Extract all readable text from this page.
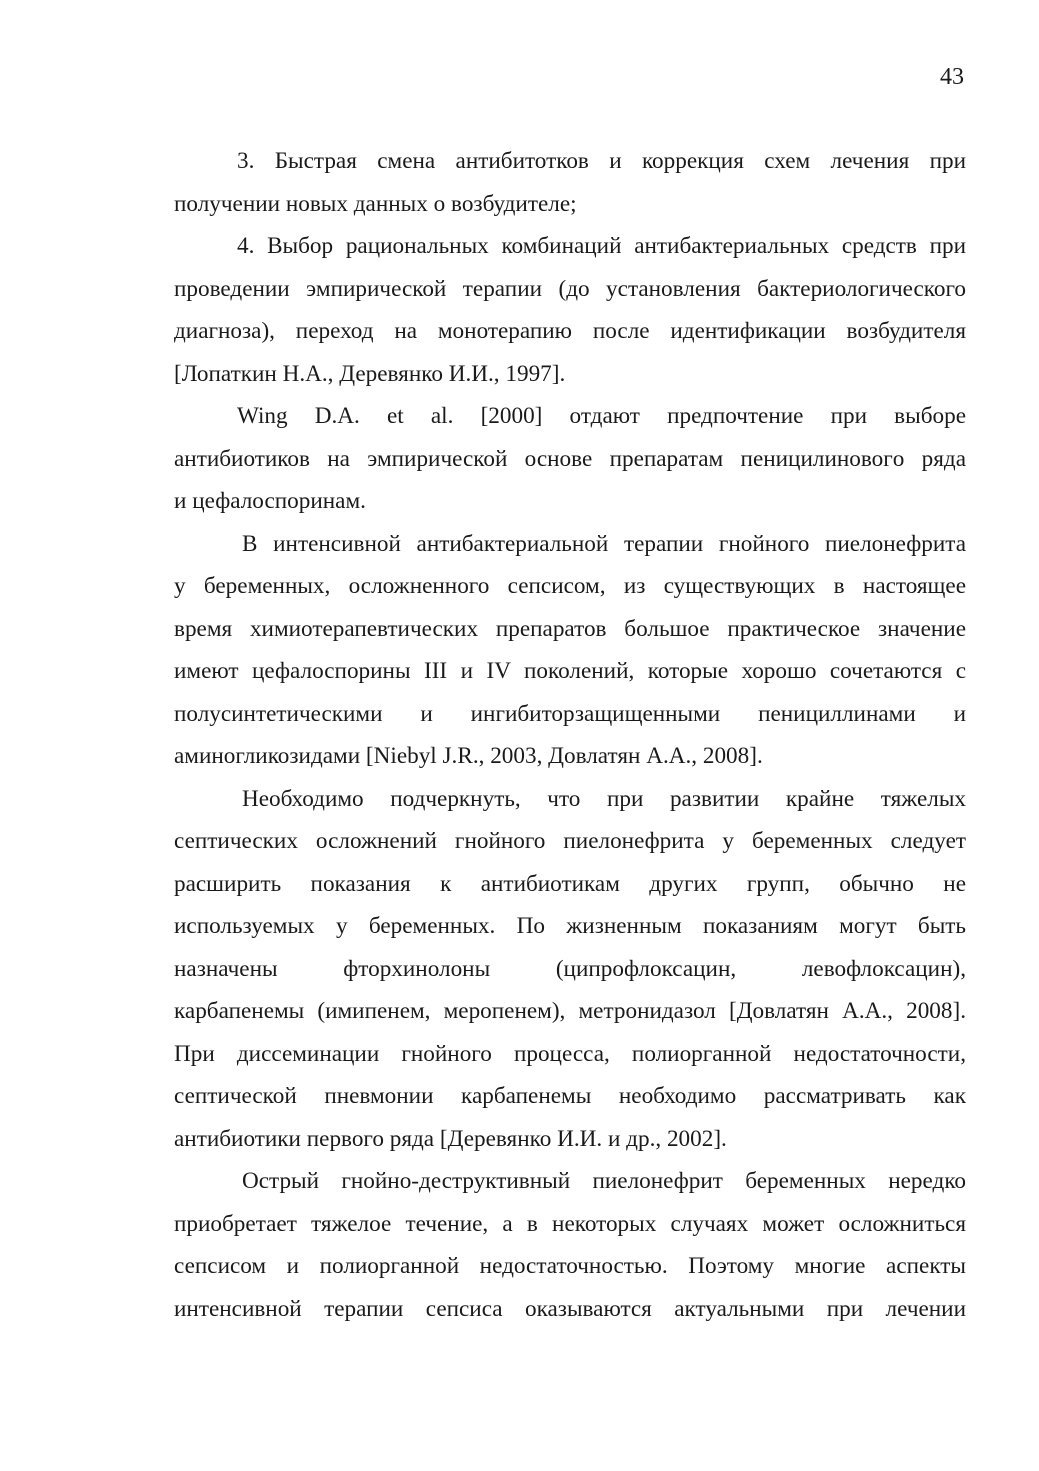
43

3. Быстрая смена антибитотков и коррекция схем лечения при
получении новых данных о возбудителе;

4. Выбор рациональных комбинаций антибактериальных средств при
проведении эмпирической терапии (до установления бактериологического
диагноза), переход на монотерапию после идентификации возбудителя
[Лопаткин Н.А., Деревянко И.И., 1997].

Wing D.A. et al. [2000] отдают предпочтение при выборе
антибиотиков на эмпирической основе препаратам пеницилиновогo ряда
и цефалоспоринам.

В интенсивной антибактериальной терапии гнойного пиелонефрита
у беременных, осложненного сепсисом, из существующих в настоящее
время химиотерапевтических препаратов большое практическое значение
имеют цефалоспорины III и IV поколений, которые хорошо сочетаются с
полусинтетическими и ингибиторзащищенными пенициллинами и
аминогликозидами [Niebyl J.R., 2003, Довлатян А.А., 2008].

Необходимо подчеркнуть, что при развитии крайне тяжелых
септических осложнений гнойного пиелонефрита у беременных следует
расширить показания к антибиотикам других групп, обычно не
используемых у беременных. По жизненным показаниям могут быть
назначены фторхинолоны (ципрофлоксацин, левофлоксацин),
карбапенемы (имипенем, меропенем), метронидазол [Довлатян А.А., 2008].
При диссеминации гнойного процесса, полиорганной недостаточности,
септической пневмонии карбапенемы необходимо рассматривать как
антибиотики первого ряда [Деревянко И.И. и др., 2002].

Острый гнойно-деструктивный пиелонефрит беременных нередко
приобретает тяжелое течение, а в некоторых случаях может осложниться
сепсисом и полиорганной недостаточностью. Поэтому многие аспекты
интенсивной терапии сепсиса оказываются актуальными при лечении
